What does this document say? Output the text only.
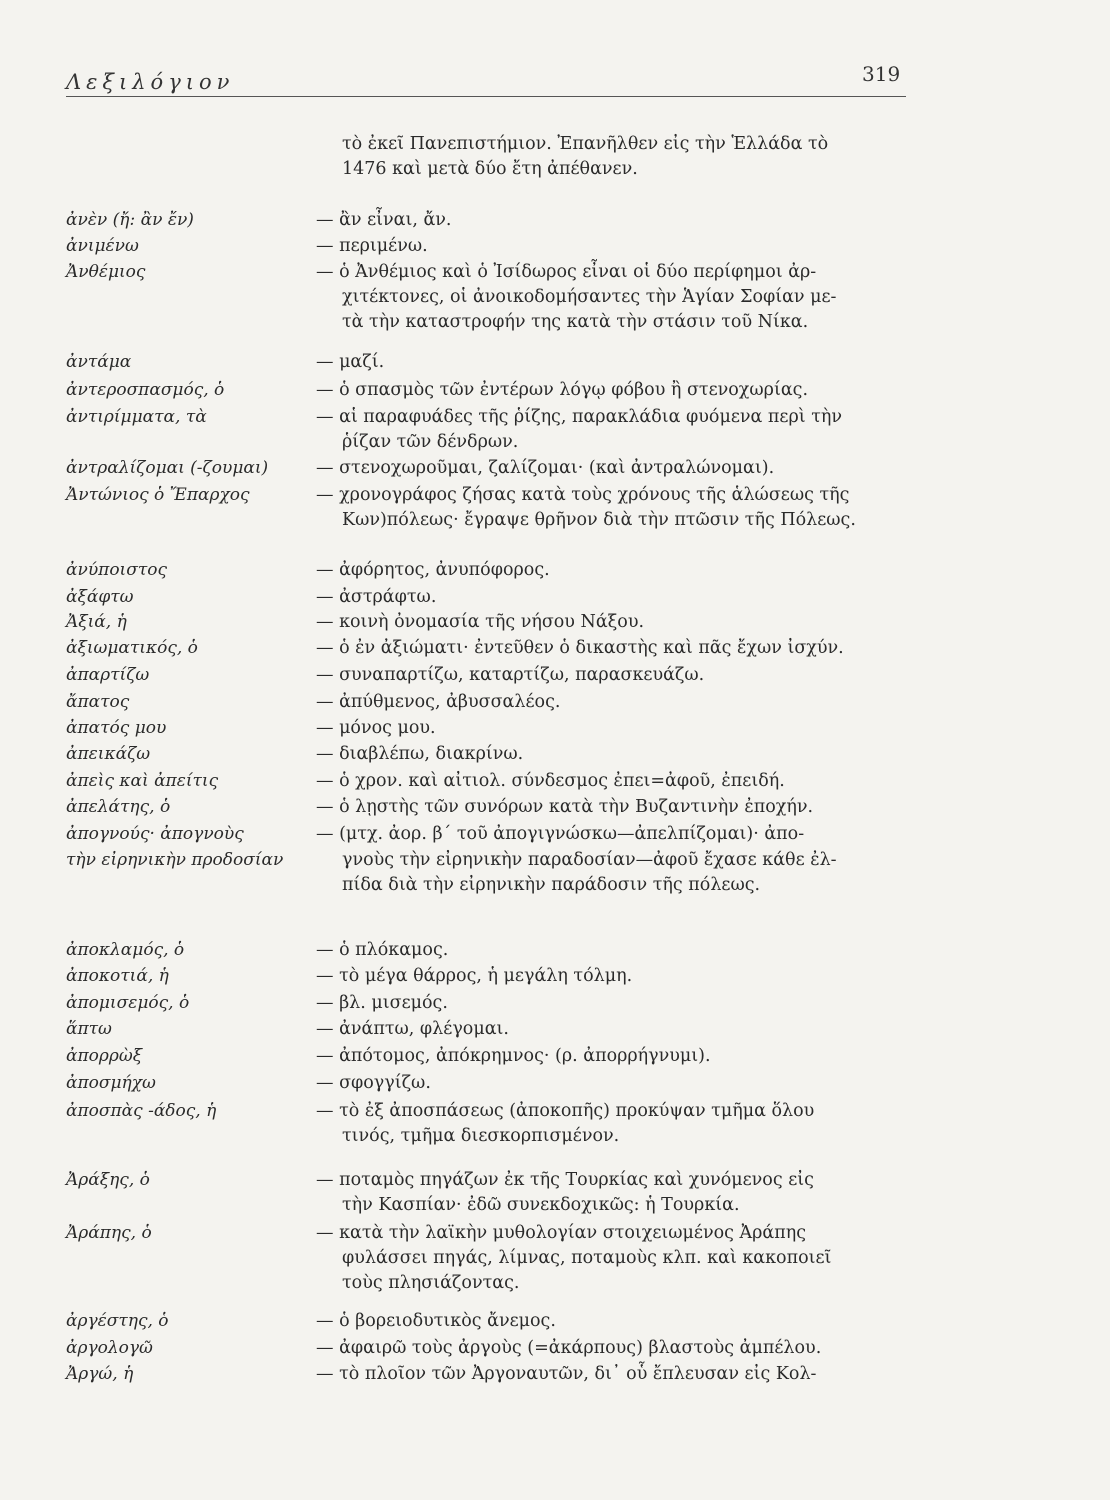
Λεξιλόγιον	319
τὸ ἐκεῖ Πανεπιστήμιον. Ἐπανῆλθεν εἰς τὴν Ἑλλάδα τὸ
1476 καὶ μετὰ δύο ἔτη ἀπέθανεν.
ἀνὲν (ἤ: ἂν ἔν)	— ἂν εἶναι, ἄν.
ἀνιμένω	— περιμένω.
Ἀνθέμιος	— ὁ Ἀνθέμιος καὶ ὁ Ἰσίδωρος εἶναι οἱ δύο περίφημοι ἀρ-
χιτέκτονες, οἱ ἀνοικοδομήσαντες τὴν Ἁγίαν Σοφίαν με-
τὰ τὴν καταστροφήν της κατὰ τὴν στάσιν τοῦ Νίκα.
ἀντάμα	— μαζί.
ἀντεροσπασμός, ὁ	— ὁ σπασμὸς τῶν ἐντέρων λόγῳ φόβου ἢ στενοχωρίας.
ἀντιρίμματα, τὰ	— αἱ παραφυάδες τῆς ῥίζης, παρακλάδια φυόμενα περὶ τὴν
ῥίζαν τῶν δένδρων.
ἀντραλίζομαι (-ζουμαι)	— στενοχωροῦμαι, ζαλίζομαι· (καὶ ἀντραλώνομαι).
Ἀντώνιος ὁ Ἔπαρχος	— χρονογράφος ζήσας κατὰ τοὺς χρόνους τῆς ἁλώσεως τῆς
Κων)πόλεως· ἔγραψε θρῆνον διὰ τὴν πτῶσιν τῆς Πόλεως.
ἀνύποιστος	— ἀφόρητος, ἀνυπόφορος.
ἀξάφτω	— ἀστράφτω.
Ἀξιά, ἡ	— κοινὴ ὀνομασία τῆς νήσου Νάξου.
ἀξιωματικός, ὁ	— ὁ ἐν ἀξιώματι· ἐντεῦθεν ὁ δικαστὴς καὶ πᾶς ἔχων ἰσχύν.
ἀπαρτίζω	— συναπαρτίζω, καταρτίζω, παρασκευάζω.
ἄπατος	— ἀπύθμενος, ἀβυσσαλέος.
ἀπατός μου	— μόνος μου.
ἀπεικάζω	— διαβλέπω, διακρίνω.
ἀπεὶς καὶ ἀπείτις	— ὁ χρον. καὶ αἰτιολ. σύνδεσμος ἐπει=ἀφοῦ, ἐπειδή.
ἀπελάτης, ὁ	— ὁ λῃστὴς τῶν συνόρων κατὰ τὴν Βυζαντινὴν ἐποχήν.
ἀπογνούς· ἀπογνοὺς	— (μτχ. ἀορ. β΄ τοῦ ἀπογιγνώσκω—ἀπελπίζομαι)· ἀπο-
τὴν εἰρηνικὴν προδοσίαν	γνοὺς τὴν εἰρηνικὴν παραδοσίαν—ἀφοῦ ἔχασε κάθε ἐλ-
πίδα διὰ τὴν εἰρηνικὴν παράδοσιν τῆς πόλεως.
ἀποκλαμός, ὁ	— ὁ πλόκαμος.
ἀποκοτιά, ἡ	— τὸ μέγα θάρρος, ἡ μεγάλη τόλμη.
ἀπομισεμός, ὁ	— βλ. μισεμός.
ἅπτω	— ἀνάπτω, φλέγομαι.
ἀπορρὼξ	— ἀπότομος, ἀπόκρημνος· (ρ. ἀπορρήγνυμι).
ἀποσμήχω	— σφογγίζω.
ἀποσπὰς -άδος, ἡ	— τὸ ἐξ ἀποσπάσεως (ἀποκοπῆς) προκύψαν τμῆμα ὅλου
τινός, τμῆμα διεσκορπισμένον.
Ἀράξης, ὁ	— ποταμὸς πηγάζων ἐκ τῆς Τουρκίας καὶ χυνόμενος εἰς
τὴν Κασπίαν· ἐδῶ συνεκδοχικῶς: ἡ Τουρκία.
Ἀράπης, ὁ	— κατὰ τὴν λαϊκὴν μυθολογίαν στοιχειωμένος Ἀράπης
φυλάσσει πηγάς, λίμνας, ποταμοὺς κλπ. καὶ κακοποιεῖ
τοὺς πλησιάζοντας.
ἀργέστης, ὁ	— ὁ βορειοδυτικὸς ἄνεμος.
ἀργολογῶ	— ἀφαιρῶ τοὺς ἀργοὺς (=ἀκάρπους) βλαστοὺς ἀμπέλου.
Ἀργώ, ἡ	— τὸ πλοῖον τῶν Ἀργοναυτῶν, δι᾽ οὗ ἔπλευσαν εἰς Κολ-
